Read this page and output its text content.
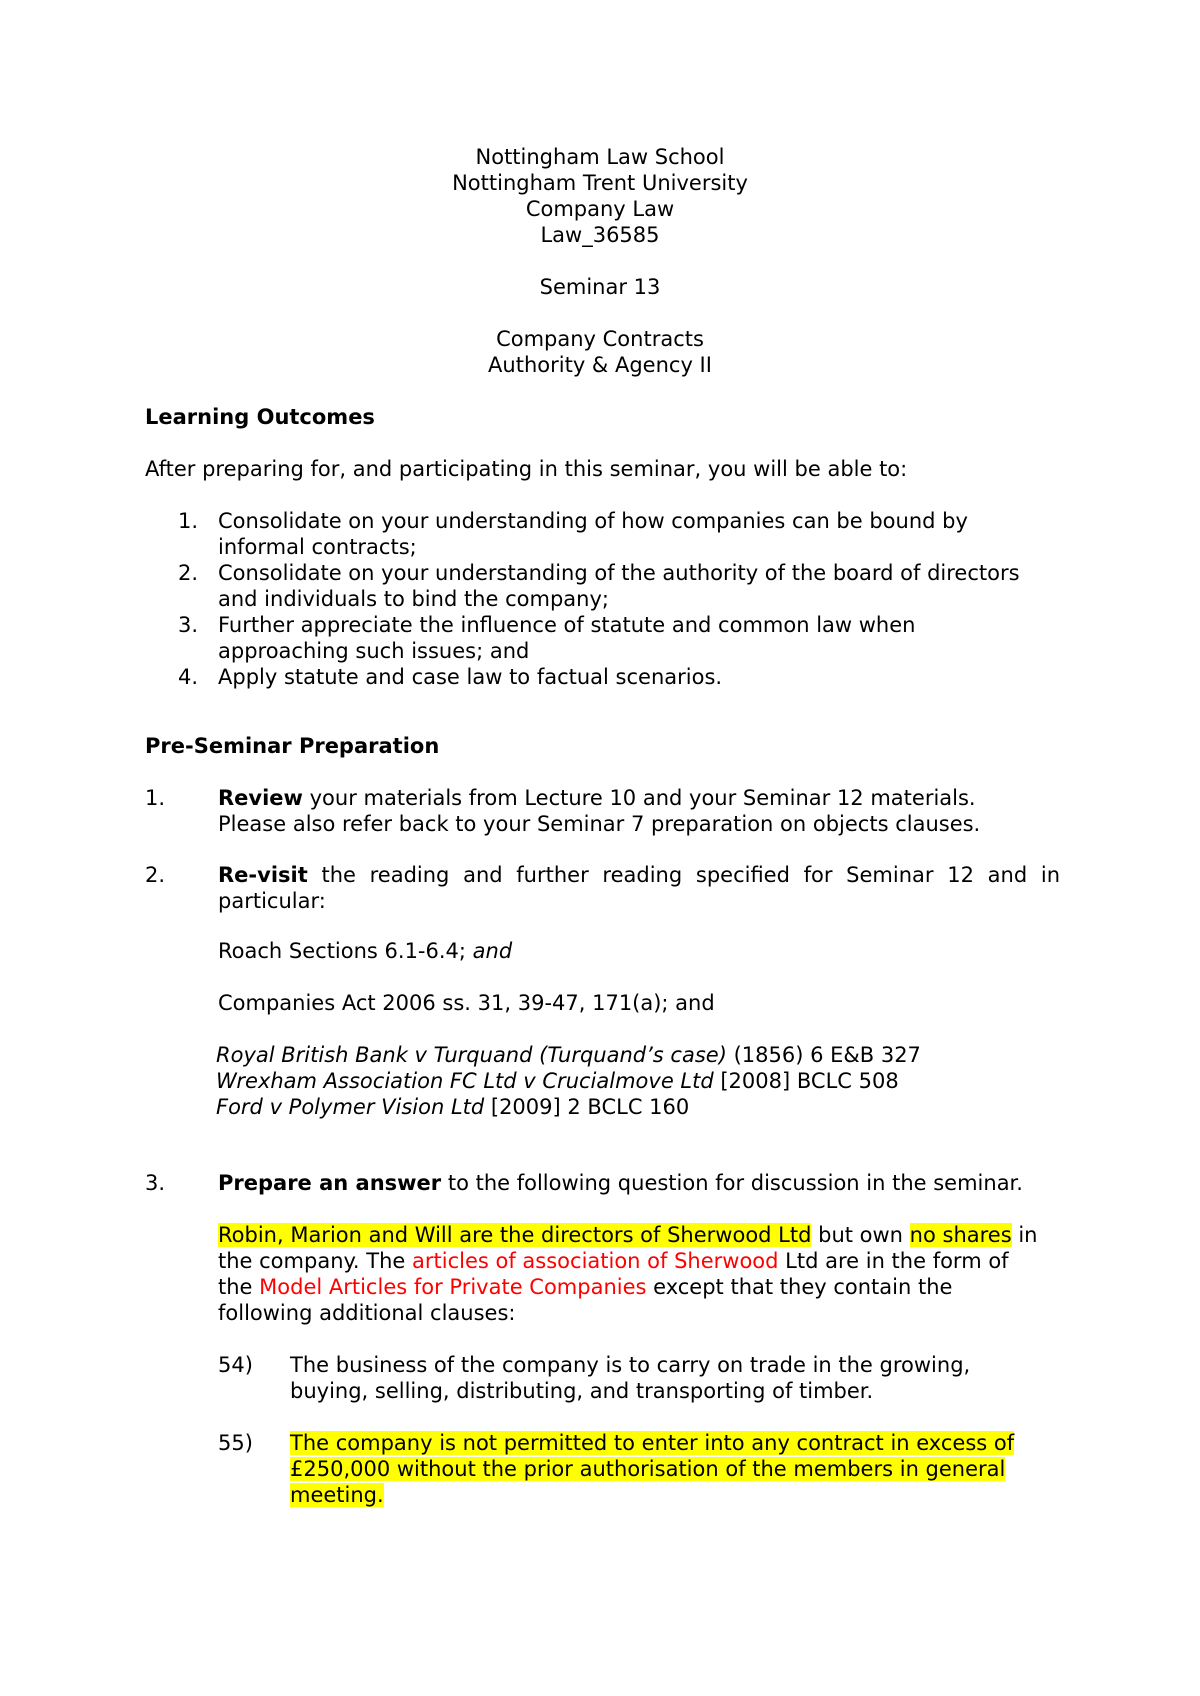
Nottingham Law School
Nottingham Trent University
Company Law
Law_36585
Seminar 13
Company Contracts
Authority & Agency II
Learning Outcomes
After preparing for, and participating in this seminar, you will be able to:
1. Consolidate on your understanding of how companies can be bound by
informal contracts;
2. Consolidate on your understanding of the authority of the board of directors
and individuals to bind the company;
3. Further appreciate the influence of statute and common law when
approaching such issues; and
4. Apply statute and case law to factual scenarios.
Pre-Seminar Preparation
1.	Review your materials from Lecture 10 and your Seminar 12 materials.
Please also refer back to your Seminar 7 preparation on objects clauses.
2.	Re-visit the reading and further reading specified for Seminar 12 and in particular:
Roach Sections 6.1-6.4; and
Companies Act 2006 ss. 31, 39-47, 171(a); and
Royal British Bank v Turquand (Turquand’s case) (1856) 6 E&B 327
Wrexham Association FC Ltd v Crucialmove Ltd [2008] BCLC 508
Ford v Polymer Vision Ltd [2009] 2 BCLC 160
3.	Prepare an answer to the following question for discussion in the seminar.
Robin, Marion and Will are the directors of Sherwood Ltd but own no shares in
the company. The articles of association of Sherwood Ltd are in the form of
the Model Articles for Private Companies except that they contain the
following additional clauses:
54) The business of the company is to carry on trade in the growing,
buying, selling, distributing, and transporting of timber.
55) The company is not permitted to enter into any contract in excess of
£250,000 without the prior authorisation of the members in general
meeting.
